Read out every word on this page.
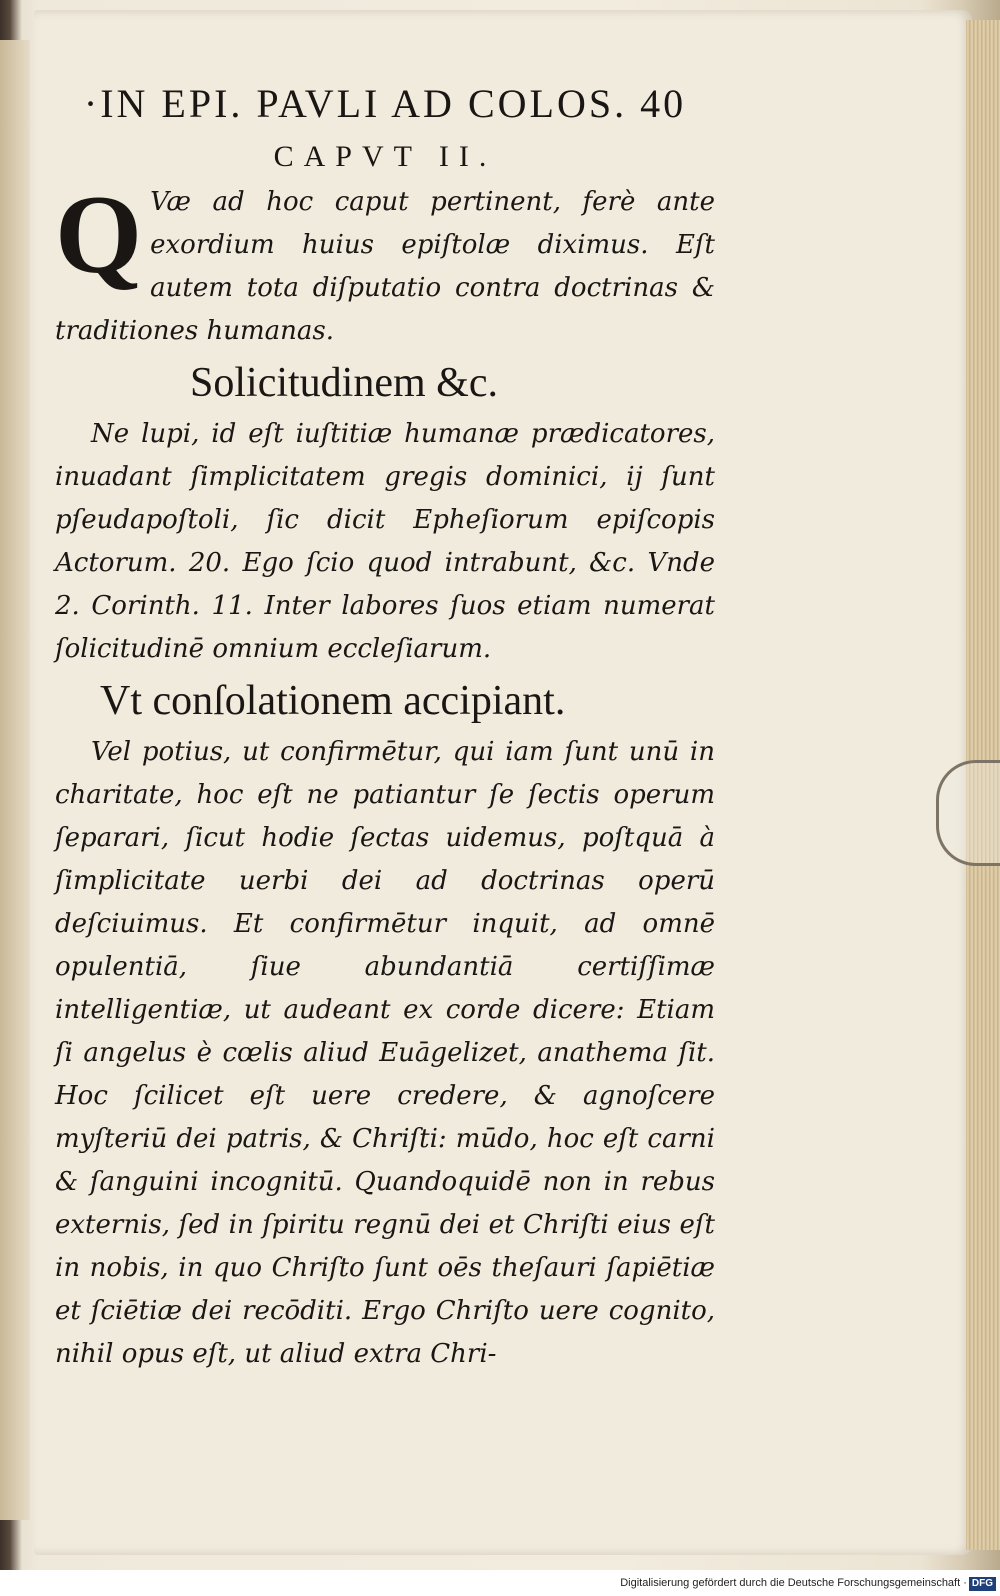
·IN EPI. PAVLI AD COLOS. 40

CAPVT II.

Q Væ ad hoc caput pertinent, ferè ante exordium huius epiſtolæ diximus. Eſt autem tota diſputatio contra doctrinas & traditiones humanas.

Solicitudinem &c.

Ne lupi, id eſt iuſtitiæ humanæ prædicatores, inuadant ſimplicitatem gregis dominici, ij ſunt pſeudapoſtoli, ſic dicit Epheſiorum epiſcopis Actorum. 20. Ego ſcio quod intrabunt, &c. Vnde 2. Corinth. 11. Inter labores ſuos etiam numerat ſolicitudinē omnium eccleſiarum.

Vt conſolationem accipiant.

Vel potius, ut confirmētur, qui iam ſunt unū in charitate, hoc eſt ne patiantur ſe ſectis operum ſeparari, ſicut hodie ſectas uidemus, poſtquā à ſimplicitate uerbi dei ad doctrinas operū deſciuimus. Et confirmētur inquit, ad omnē opulentiā, ſiue abundantiā certiſſimæ intelligentiæ, ut audeant ex corde dicere: Etiam ſi angelus è cœlis aliud Euāgelizet, anathema ſit. Hoc ſcilicet eſt uere credere, & agnoſcere myſteriū dei patris, & Chriſti: mūdo, hoc eſt carni & ſanguini incognitū. Quandoquidē non in rebus externis, ſed in ſpiritu regnū dei et Chriſti eius eſt in nobis, in quo Chriſto ſunt oēs theſauri ſapiētiæ et ſciētiæ dei recōditi. Ergo Chriſto uere cognito, nihil opus eſt, ut aliud extra Chri-

Digitalisierung gefördert durch die Deutsche Forschungsgemeinschaft · DFG
